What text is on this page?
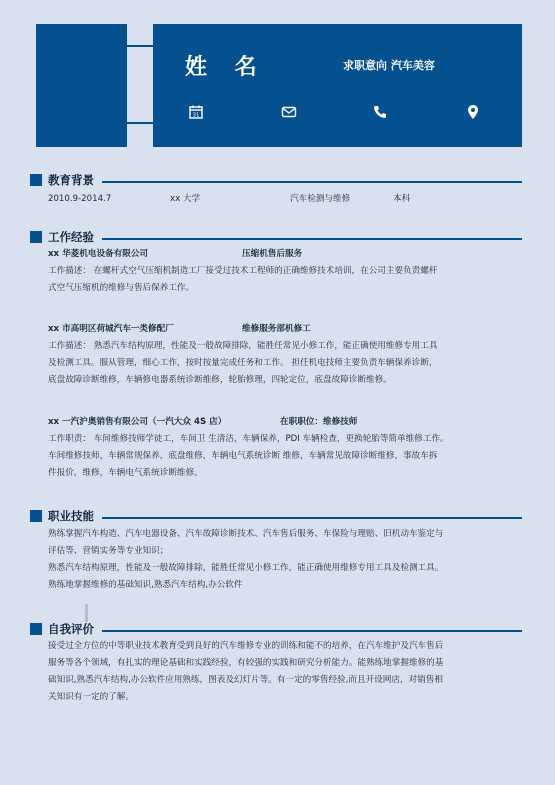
姓 名	求职意向 汽车美容
31
教育背景
2010.9-2014.7	xx 大学	汽车检测与维修	本科
工作经验
xx 华菱机电设备有限公司	压缩机售后服务
工作描述： 在螺杆式空气压缩机制造工厂接受过技术工程师的正确维修技术培训，在公司主要负责螺杆
式空气压缩机的维修与售后保养工作。
xx 市高明区荷城汽车一类修配厂	维修服务部机修工
工作描述： 熟悉汽车结构原理，性能及一般故障排除，能胜任常见小修工作，能正确使用维修专用工具
及检测工具。服从管理，细心工作，按时按量完成任务和工作。 担任机电技师主要负责车辆保养诊断，
底盘故障诊断维修，车辆修电器系统诊断维修，轮胎修理，四轮定位，底盘故障诊断维修。
xx 一汽沪奥销售有限公司（一汽大众 4S 店）	在职职位：维修技师
工作职责： 车间维修技师学徒工，车间卫 生清洁，车辆保养，PDI 车辆检查，更换轮胎等简单维修工作。
车间维修技师，车辆常规保养，底盘维修，车辆电气系统诊断 维修，车辆常见故障诊断维修，事故车拆
件报价，维修，车辆电气系统诊断维修。
职业技能
熟练掌握汽车构造、汽车电器设备、汽车故障诊断技术、汽车售后服务、车保险与理赔、旧机动车鉴定与
评估等、营销实务等专业知识；
熟悉汽车结构原理，性能及一般故障排除，能胜任常见小修工作，能正确使用维修专用工具及检测工具。
熟练地掌握维修的基础知识,熟悉汽车结构,办公软件
自我评价
接受过全方位的中等职业技术教育受到良好的汽车维修专业的训练和能不的培养，在汽车维护及汽车售后
服务等各个领域，有扎实的理论基础和实践经验，有较强的实践和研究分析能力。能熟练地掌握维修的基
础知识,熟悉汽车结构,办公软件应用熟练，图表及幻灯片等。有一定的零售经验,而且开设网店，对销售相
关知识有一定的了解。
